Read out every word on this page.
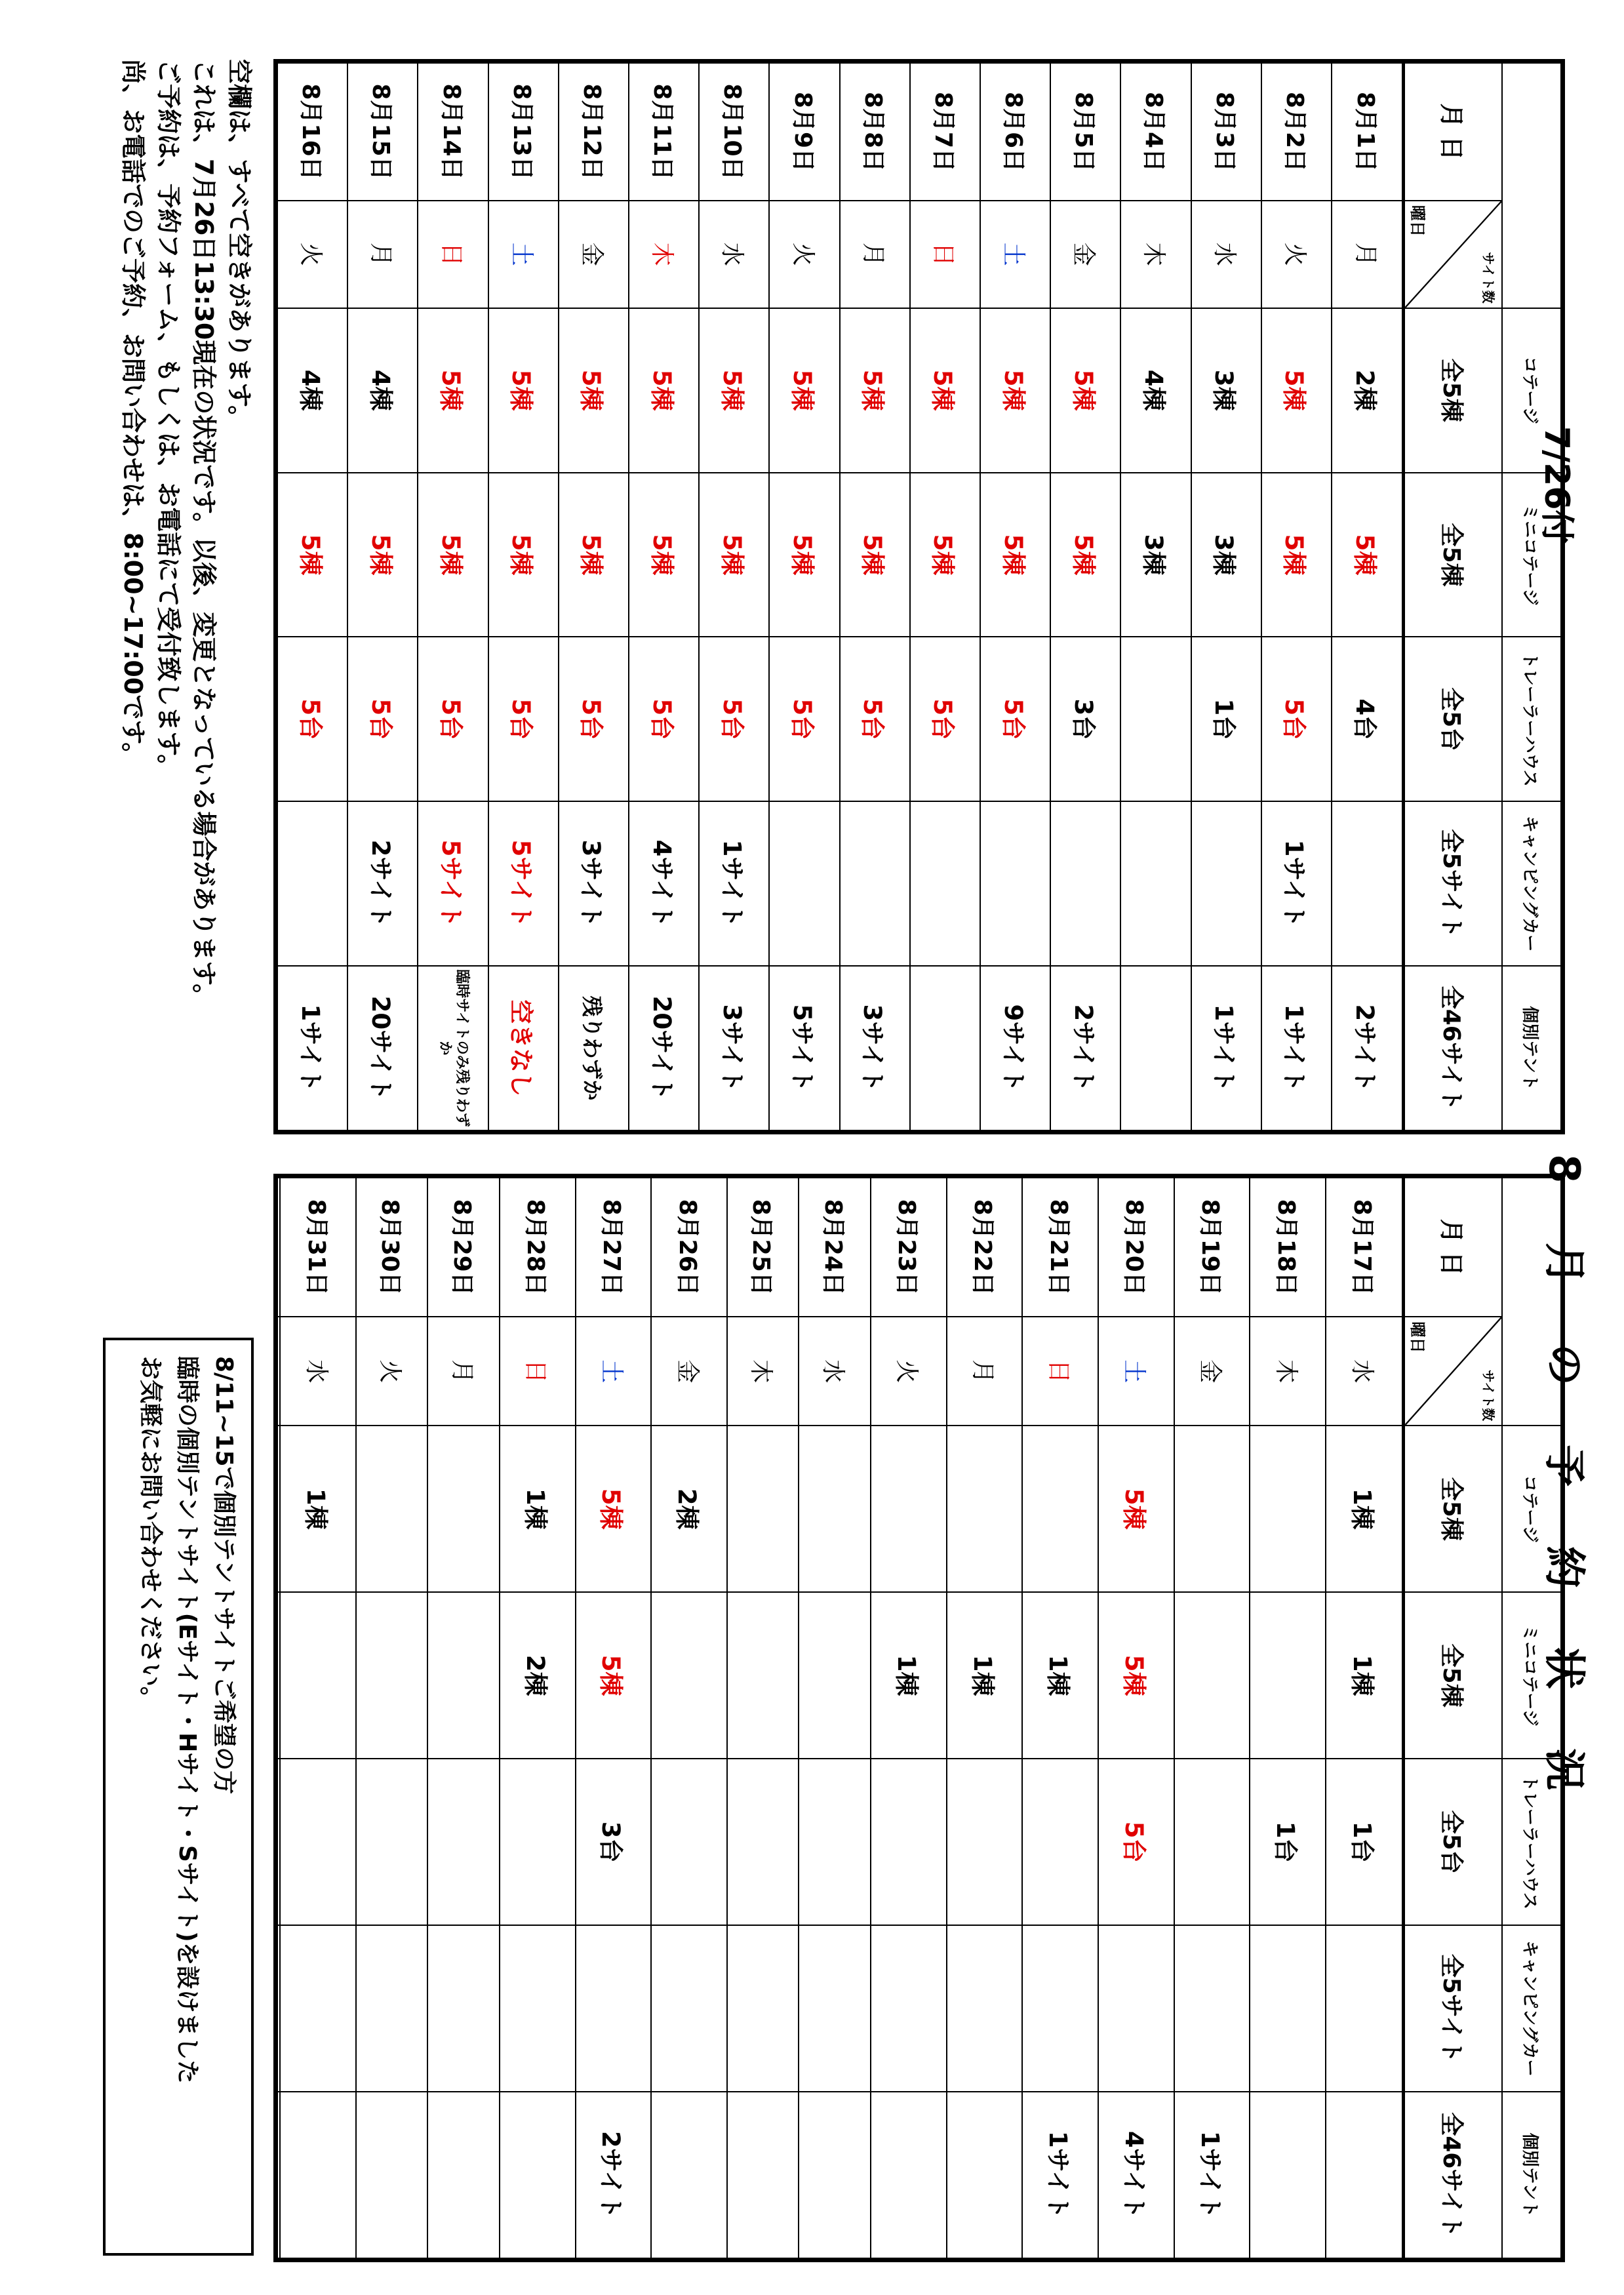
8 月 の 予 約 状 況
7/26付
		コテージ	ミニコテージ	トレーラーハウス	キャンピングカー	個別テント
月 日	サイト数
曜日	全5棟	全5棟	全5台	全5サイト	全46サイト
8月1日	月	2棟	5棟	4台		2サイト
8月2日	火	5棟	5棟	5台	1サイト	1サイト
8月3日	水	3棟	3棟	1台		1サイト
8月4日	木	4棟	3棟			
8月5日	金	5棟	5棟	3台		2サイト
8月6日	土	5棟	5棟	5台		9サイト
8月7日	日	5棟	5棟	5台		
8月8日	月	5棟	5棟	5台		3サイト
8月9日	火	5棟	5棟	5台		5サイト
8月10日	水	5棟	5棟	5台	1サイト	3サイト
8月11日	木	5棟	5棟	5台	4サイト	20サイト
8月12日	金	5棟	5棟	5台	3サイト	残りわずか
8月13日	土	5棟	5棟	5台	5サイト	空きなし
8月14日	日	5棟	5棟	5台	5サイト	臨時サイトのみ残りわずか
8月15日	月	4棟	5棟	5台	2サイト	20サイト
8月16日	火	4棟	5棟	5台		1サイト
		コテージ	ミニコテージ	トレーラーハウス	キャンピングカー	個別テント
月 日	サイト数
曜日	全5棟	全5棟	全5台	全5サイト	全46サイト
8月17日	水	1棟	1棟	1台		
8月18日	木			1台		
8月19日	金					1サイト
8月20日	土	5棟	5棟	5台		4サイト
8月21日	日		1棟			1サイト
8月22日	月		1棟			
8月23日	火		1棟			
8月24日	水					
8月25日	木					
8月26日	金	2棟				
8月27日	土	5棟	5棟	3台		2サイト
8月28日	日	1棟	2棟			
8月29日	月					
8月30日	火					
8月31日	水	1棟				

空欄は、すべて空きがあります。
これは、7月26日13:30現在の状況です。以後、変更となっている場合があります。
ご予約は、予約フォーム、もしくは、お電話にて受付致します。
尚、お電話でのご予約、お問い合わせは、8:00~17:00です。
8/11~15で個別テントサイトご希望の方
臨時の個別テントサイト(Eサイト・Hサイト・Sサイト)を設けました
お気軽にお問い合わせください。
